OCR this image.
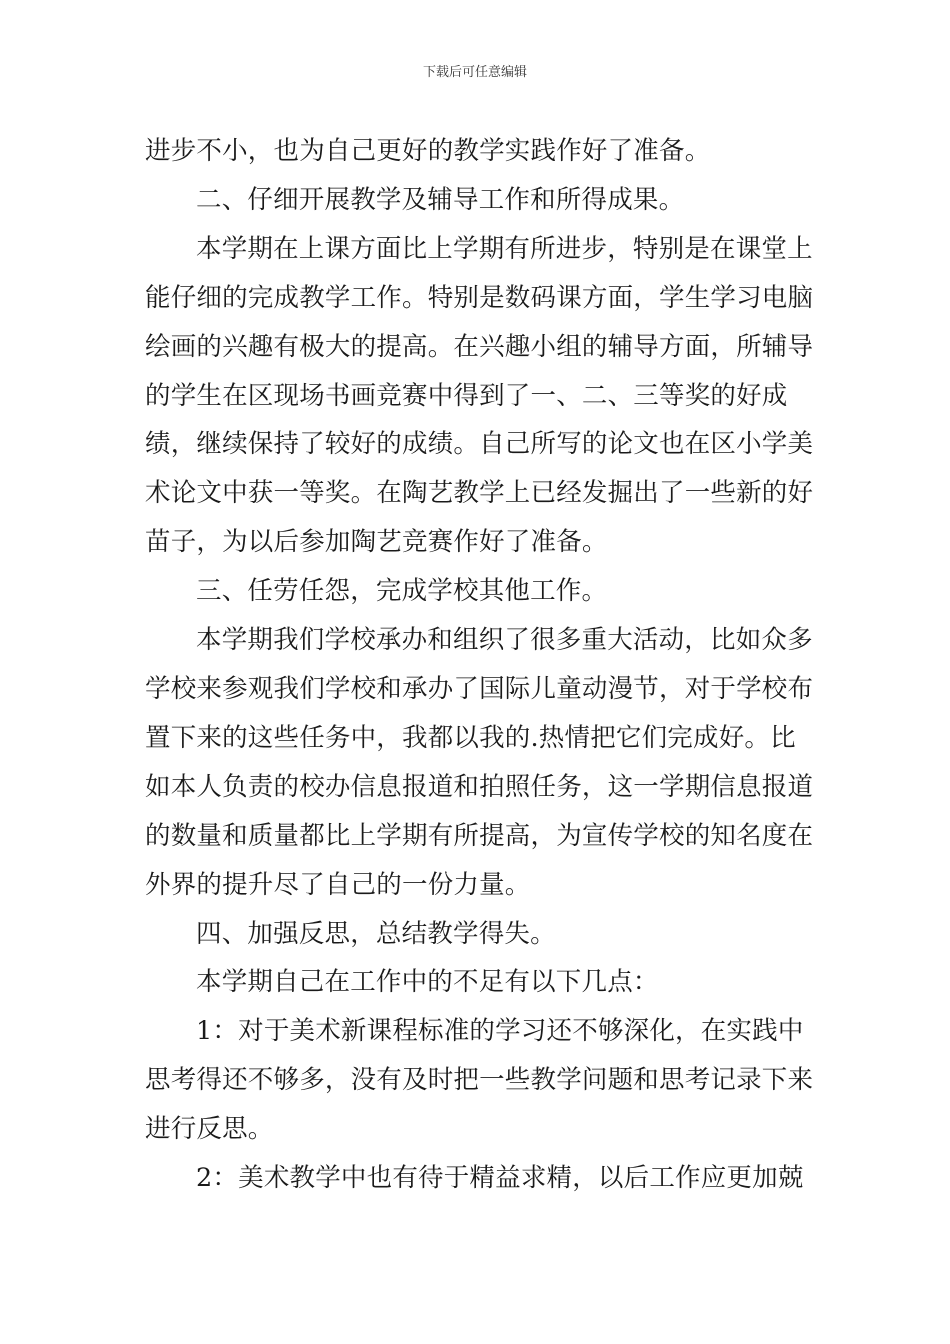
下载后可任意编辑

进步不小，也为自己更好的教学实践作好了准备。

二、仔细开展教学及辅导工作和所得成果。

本学期在上课方面比上学期有所进步，特别是在课堂上能仔细的完成教学工作。特别是数码课方面，学生学习电脑绘画的兴趣有极大的提高。在兴趣小组的辅导方面，所辅导的学生在区现场书画竞赛中得到了一、二、三等奖的好成绩，继续保持了较好的成绩。自己所写的论文也在区小学美术论文中获一等奖。在陶艺教学上已经发掘出了一些新的好苗子，为以后参加陶艺竞赛作好了准备。

三、任劳任怨，完成学校其他工作。

本学期我们学校承办和组织了很多重大活动，比如众多学校来参观我们学校和承办了国际儿童动漫节，对于学校布置下来的这些任务中，我都以我的.热情把它们完成好。比如本人负责的校办信息报道和拍照任务，这一学期信息报道的数量和质量都比上学期有所提高，为宣传学校的知名度在外界的提升尽了自己的一份力量。

四、加强反思，总结教学得失。

本学期自己在工作中的不足有以下几点：

1：对于美术新课程标准的学习还不够深化，在实践中思考得还不够多，没有及时把一些教学问题和思考记录下来进行反思。

2：美术教学中也有待于精益求精，以后工作应更加兢
